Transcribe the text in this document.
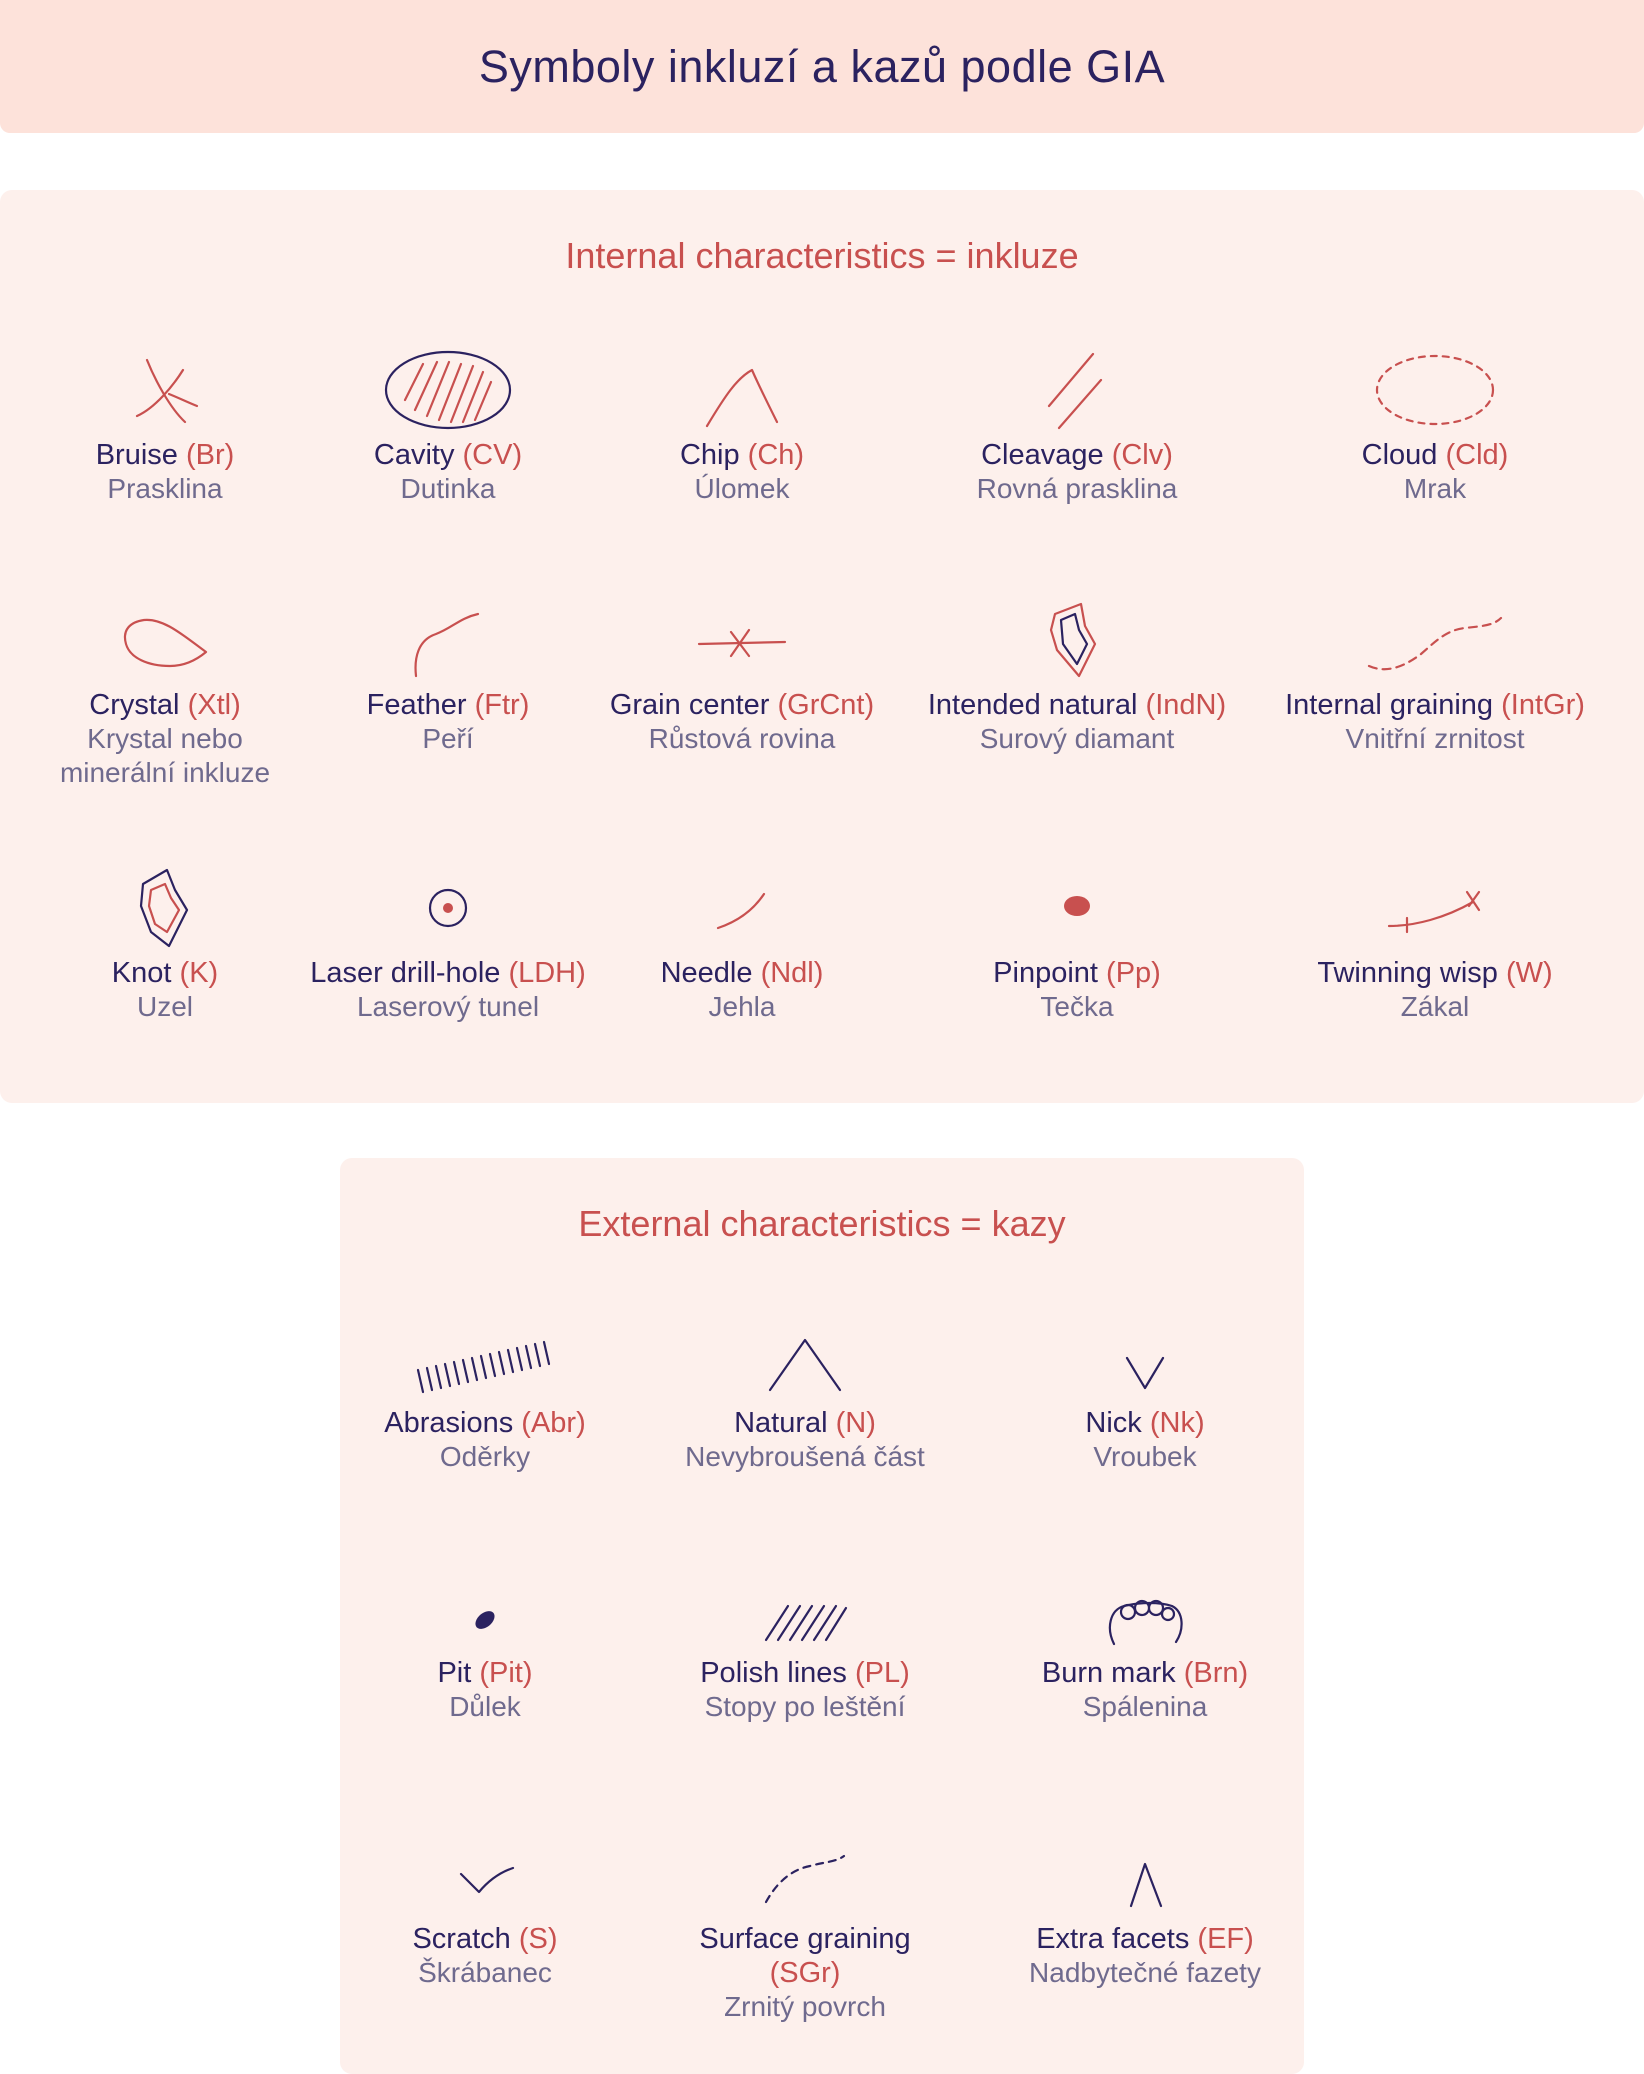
Symboly inkluzí a kazů podle GIA
Internal characteristics = inkluze
Bruise (Br)
Prasklina
Cavity (CV)
Dutinka
Chip (Ch)
Úlomek
Cleavage (Clv)
Rovná prasklina
Cloud (Cld)
Mrak
Crystal (Xtl)
Krystal nebo minerální inkluze
Feather (Ftr)
Peří
Grain center (GrCnt)
Růstová rovina
Intended natural (IndN)
Surový diamant
Internal graining (IntGr)
Vnitřní zrnitost
Knot (K)
Uzel
Laser drill-hole (LDH)
Laserový tunel
Needle (Ndl)
Jehla
Pinpoint (Pp)
Tečka
Twinning wisp (W)
Zákal
External characteristics = kazy
Abrasions (Abr)
Oděrky
Natural (N)
Nevybroušená část
Nick (Nk)
Vroubek
Pit (Pit)
Důlek
Polish lines (PL)
Stopy po leštění
Burn mark (Brn)
Spálenina
Scratch (S)
Škrábanec
Surface graining (SGr)
Zrnitý povrch
Extra facets (EF)
Nadbytečné fazety
